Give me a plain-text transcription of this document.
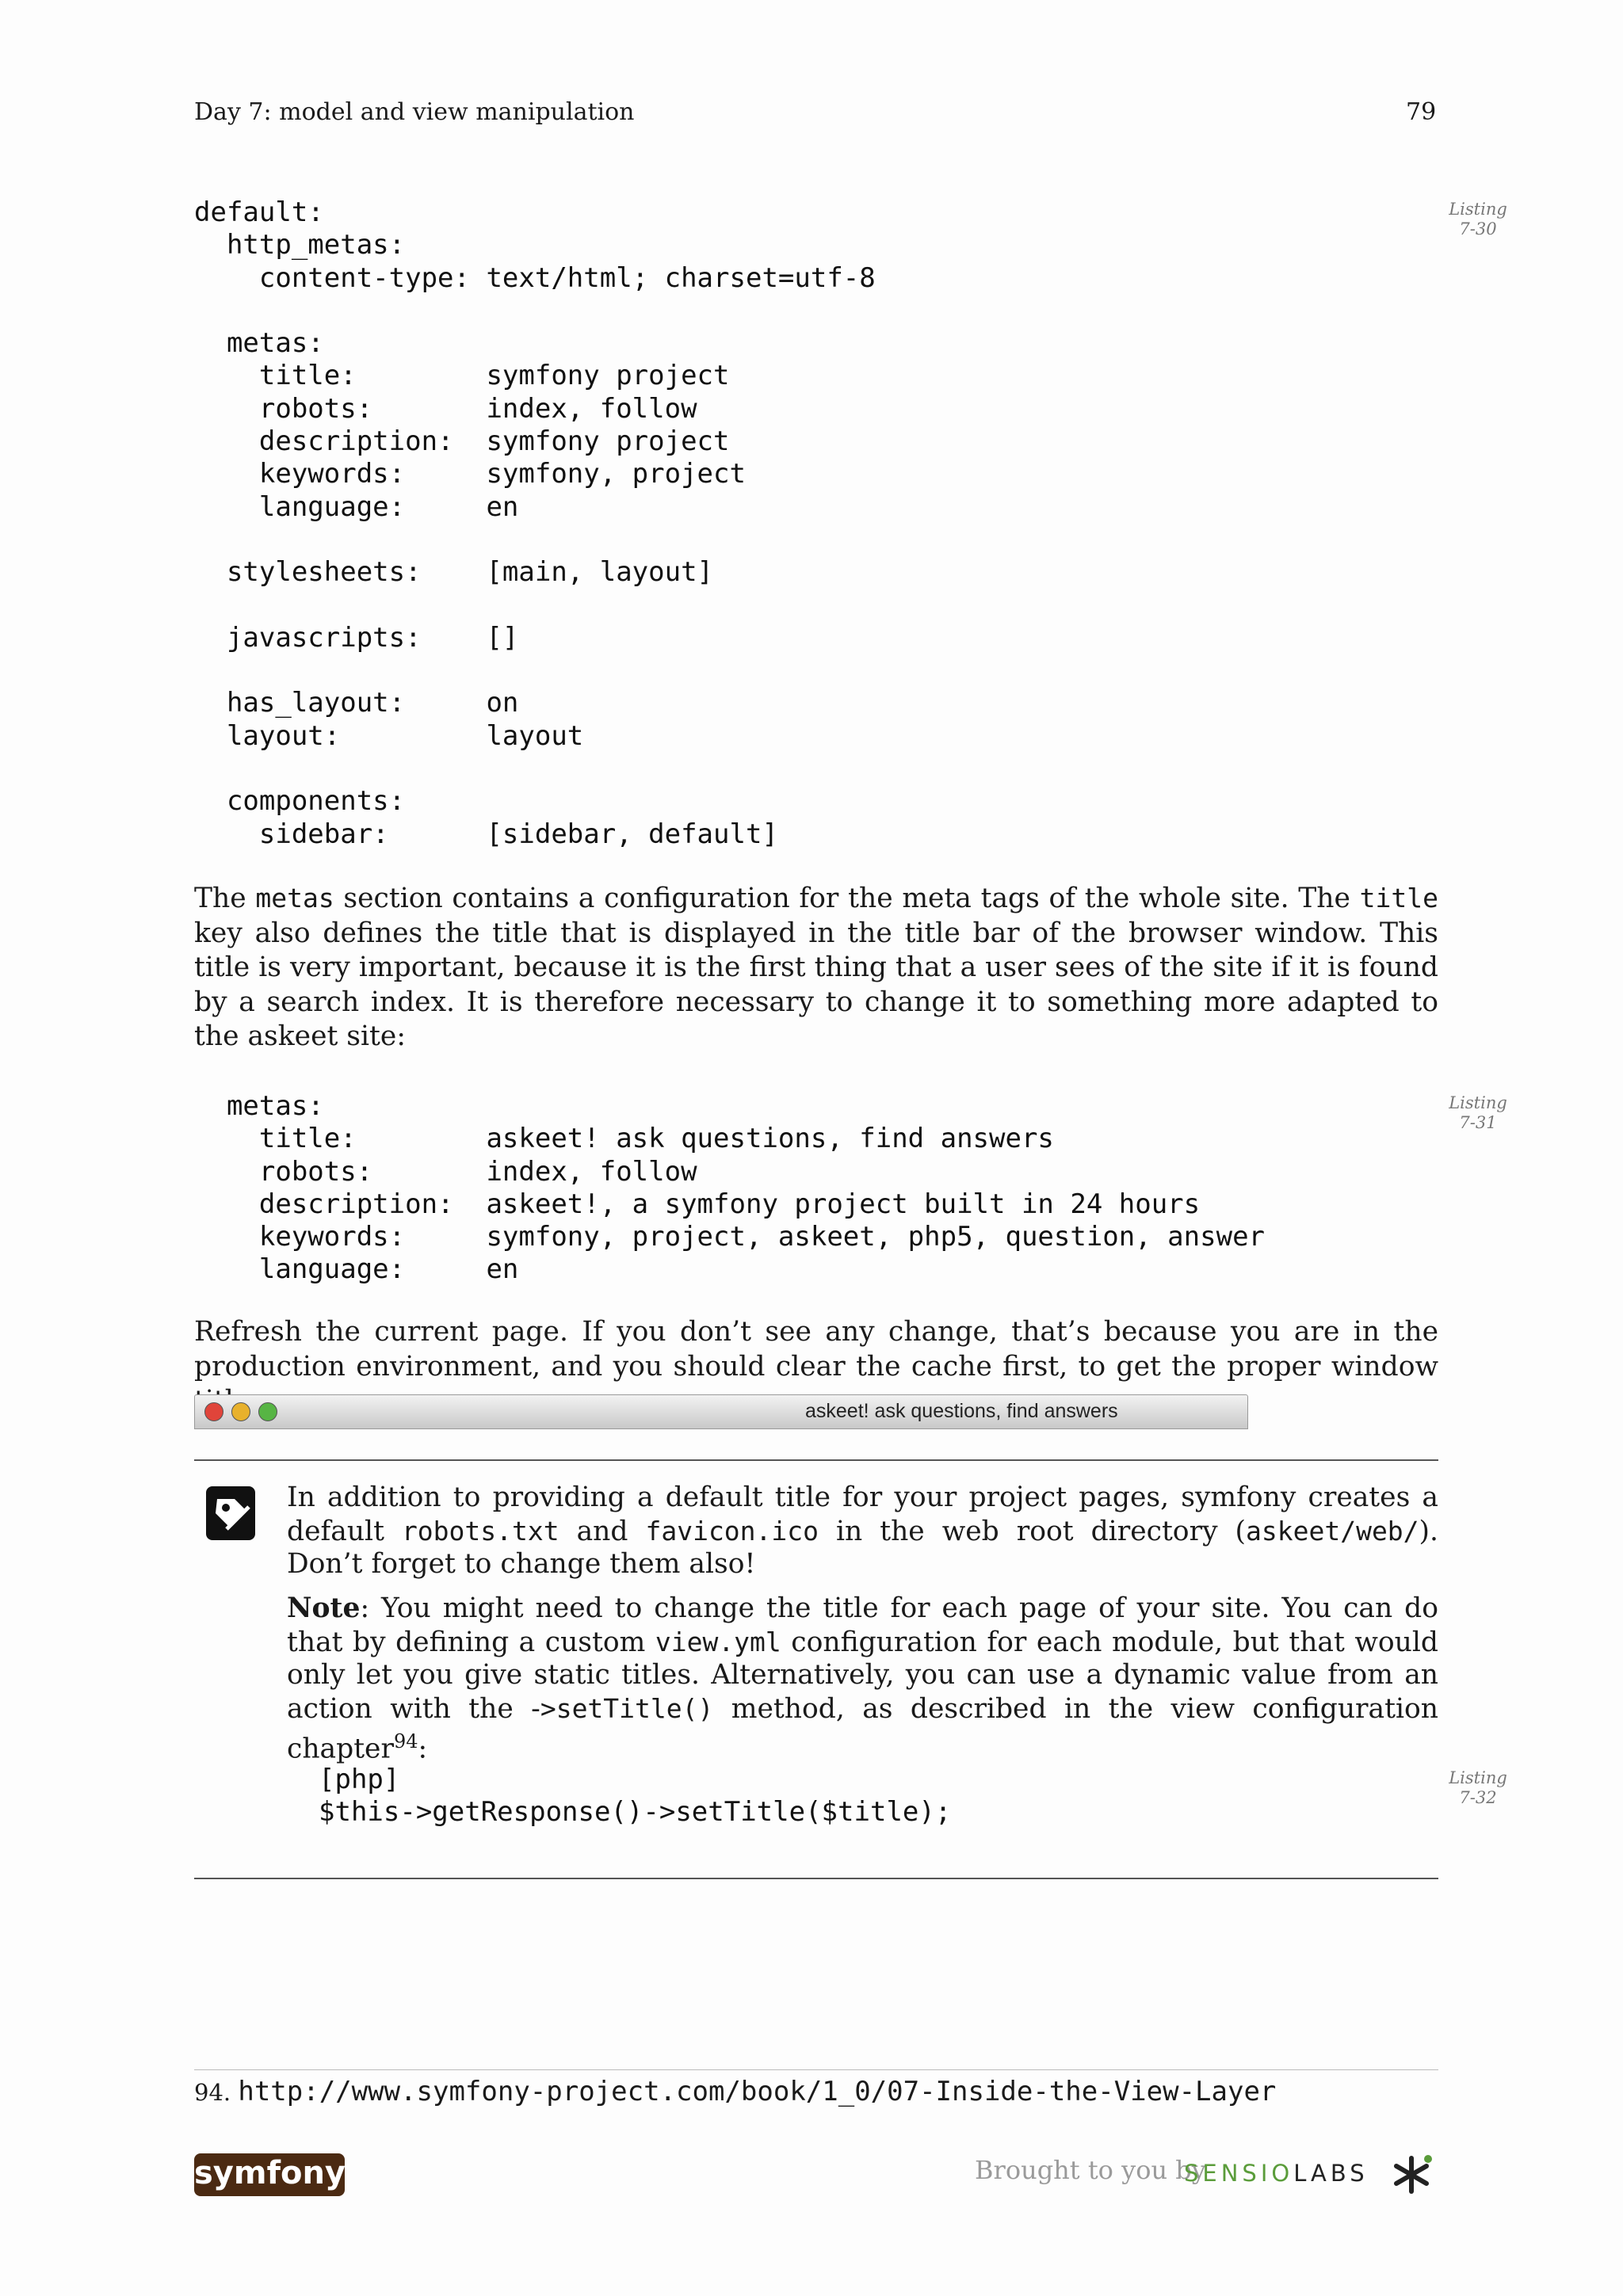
Day 7: model and view manipulation	79
default:
http_metas:
content-type: text/html; charset=utf-8

metas:
title:        symfony project
robots:       index, follow
description:  symfony project
keywords:     symfony, project
language:     en

stylesheets:    [main, layout]

javascripts:    []

has_layout:     on
layout:         layout

components:
sidebar:      [sidebar, default]
Listing
7-30

The metas section contains a configuration for the meta tags of the whole site. The title key also defines the title that is displayed in the title bar of the browser window. This title is very important, because it is the first thing that a user sees of the site if it is found by a search index. It is therefore necessary to change it to something more adapted to the askeet site:

metas:
title:        askeet! ask questions, find answers
robots:       index, follow
description:  askeet!, a symfony project built in 24 hours
keywords:     symfony, project, askeet, php5, question, answer
language:     en
Listing
7-31

Refresh the current page. If you don’t see any change, that’s because you are in the production environment, and you should clear the cache first, to get the proper window

askeet! ask questions, find answers

In addition to providing a default title for your project pages, symfony creates a default robots.txt and favicon.ico in the web root directory (askeet/web/). Don’t forget to change them also!

Note: You might need to change the title for each page of your site. You can do that by defining a custom view.yml configuration for each module, but that would only let you give static titles. Alternatively, you can use a dynamic value from an action with the ->setTitle() method, as described in the view configuration chapter$^{94}$:

[php]
$this->getResponse()->setTitle($title);
Listing
7-32
94. http://www.symfony-project.com/book/1_0/07-Inside-the-View-Layer
symfony	Brought to you by
SENSIOLABS
